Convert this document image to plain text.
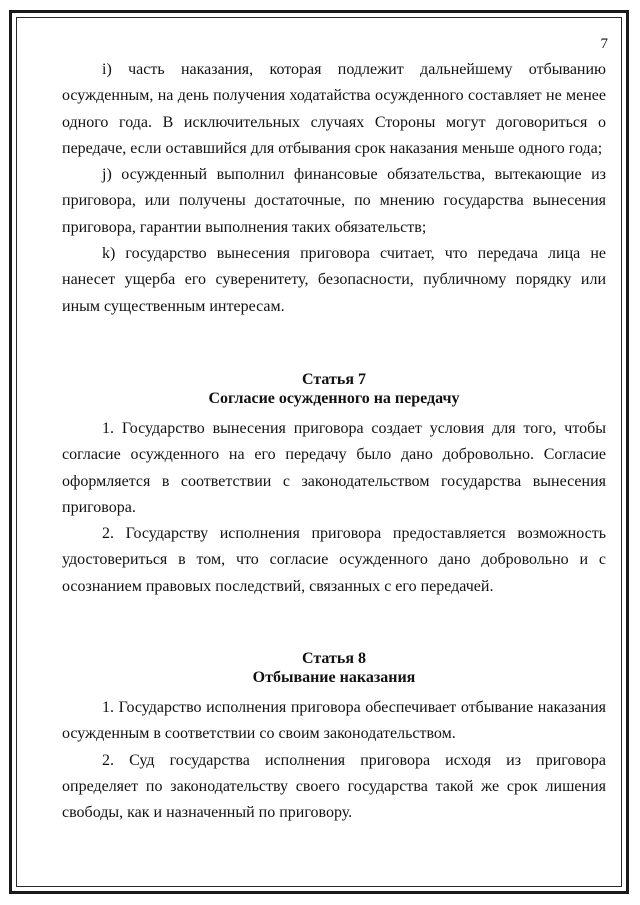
7

i) часть наказания, которая подлежит дальнейшему отбыванию осужденным, на день получения ходатайства осужденного составляет не менее одного года. В исключительных случаях Стороны могут договориться о передаче, если оставшийся для отбывания срок наказания меньше одного года;

j) осужденный выполнил финансовые обязательства, вытекающие из приговора, или получены достаточные, по мнению государства вынесения приговора, гарантии выполнения таких обязательств;

k) государство вынесения приговора считает, что передача лица не нанесет ущерба его суверенитету, безопасности, публичному порядку или иным существенным интересам.

Статья 7
Согласие осужденного на передачу

1. Государство вынесения приговора создает условия для того, чтобы согласие осужденного на его передачу было дано добровольно. Согласие оформляется в соответствии с законодательством государства вынесения приговора.

2. Государству исполнения приговора предоставляется возможность удостовериться в том, что согласие осужденного дано добровольно и с осознанием правовых последствий, связанных с его передачей.

Статья 8
Отбывание наказания

1. Государство исполнения приговора обеспечивает отбывание наказания осужденным в соответствии со своим законодательством.

2. Суд государства исполнения приговора исходя из приговора определяет по законодательству своего государства такой же срок лишения свободы, как и назначенный по приговору.
